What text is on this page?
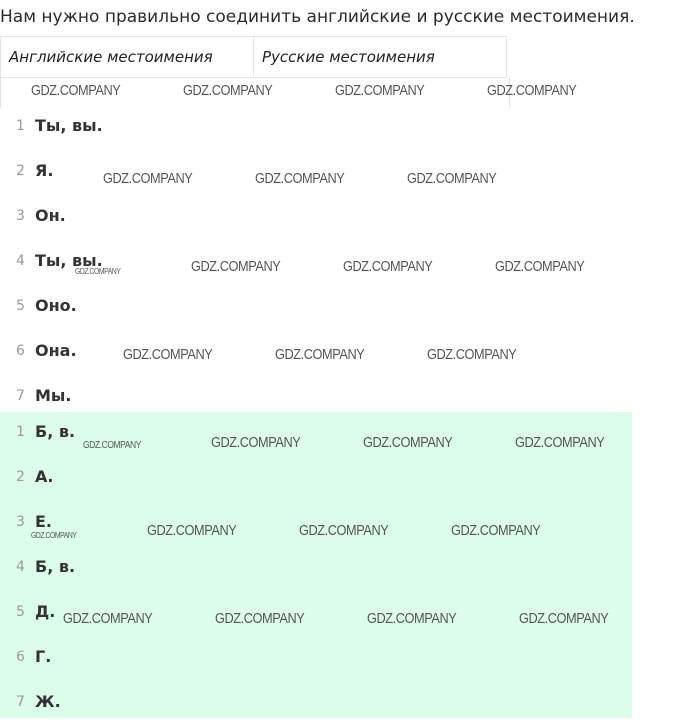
Нам нужно правильно соединить английские и русские местоимения.
Английские местоимения	Русские местоимения
1 Ты, вы.
2 Я.
3 Он.
4 Ты, вы.
5 Оно.
6 Она.
7 Мы.
1 Б, в.
2 А.
3 Е.
4 Б, в.
5 Д.
6 Г.
7 Ж.
GDZ.COMPANY	GDZ.COMPANY	GDZ.COMPANY	GDZ.COMPANY
GDZ.COMPANY	GDZ.COMPANY	GDZ.COMPANY
GDZ.COMPANY	GDZ.COMPANY	GDZ.COMPANY	GDZ.COMPANY
GDZ.COMPANY	GDZ.COMPANY	GDZ.COMPANY
GDZ.COMPANY	GDZ.COMPANY	GDZ.COMPANY	GDZ.COMPANY
GDZ.COMPANY	GDZ.COMPANY	GDZ.COMPANY	GDZ.COMPANY
GDZ.COMPANY	GDZ.COMPANY	GDZ.COMPANY	GDZ.COMPANY
